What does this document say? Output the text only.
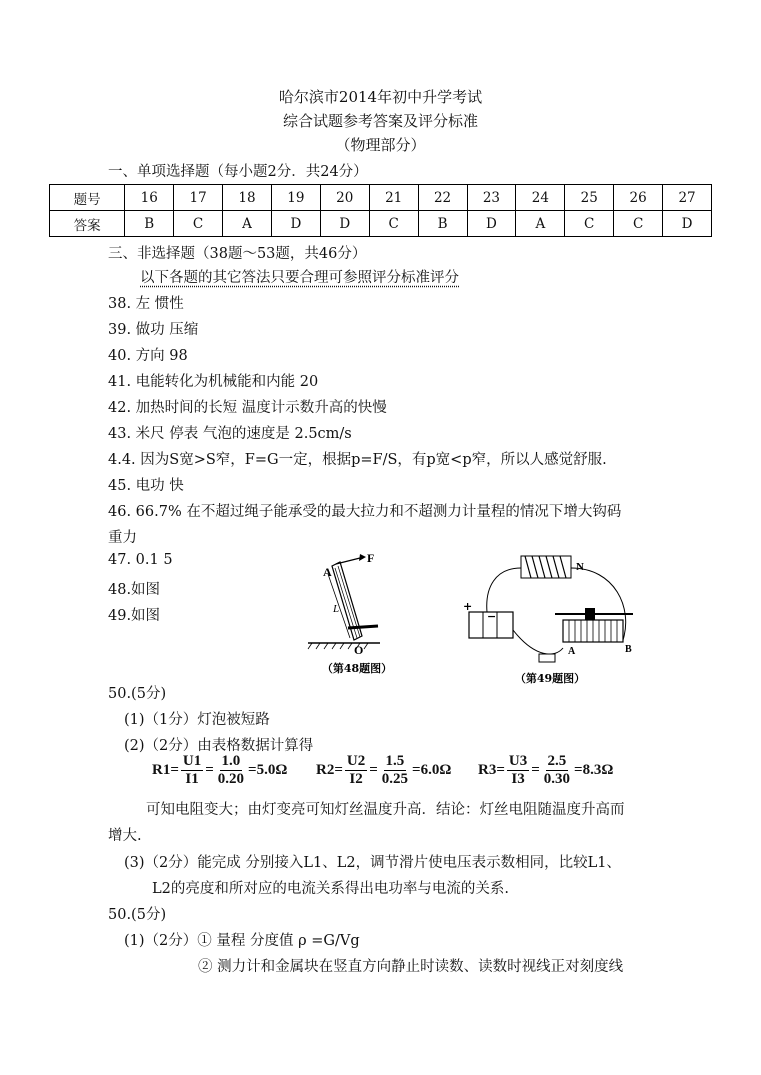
哈尔滨市2014年初中升学考试
综合试题参考答案及评分标准
（物理部分）
一、单项选择题（每小题2分．共24分）
题号	16	17	18	19	20	21	22	23	24	25	26	27
答案	B	C	A	D	D	C	B	D	A	C	C	D
三、非选择题（38题～53题，共46分）
以下各题的其它答法只要合理可参照评分标准评分
38. 左 惯性
39. 做功 压缩
40. 方向 98
41. 电能转化为机械能和内能 20
42. 加热时间的长短 温度计示数升高的快慢
43. 米尺 停表 气泡的速度是 2.5cm/s
4.4. 因为S宽>S窄，F=G一定，根据p=F/S，有p宽<p窄，所以人感觉舒服.
45. 电功 快
46. 66.7% 在不超过绳子能承受的最大拉力和不超测力计量程的情况下增大钩码
重力
47. 0.1 5
48.如图
49.如图
A
F
L
O
（第48题图）
N
+
−
A	B
（第49题图）
50.(5分)
(1)（1分）灯泡被短路
(2)（2分）由表格数据计算得
$R1= \frac{U1}{I1} = \frac{1.0}{0.20} =5.0\Omega$ $R2= \frac{U2}{I2} = \frac{1.5}{0.25} =6.0\Omega$ $R3= \frac{U3}{I3} = \frac{2.5}{0.30} =8.3\Omega$
可知电阻变大；由灯变亮可知灯丝温度升高．结论：灯丝电阻随温度升高而
增大.
(3)（2分）能完成 分别接入L1、L2，调节滑片使电压表示数相同，比较L1、
L2的亮度和所对应的电流关系得出电功率与电流的关系.
50.(5分)
(1)（2分）① 量程 分度值 ρ =G/Vg
② 测力计和金属块在竖直方向静止时读数、读数时视线正对刻度线
